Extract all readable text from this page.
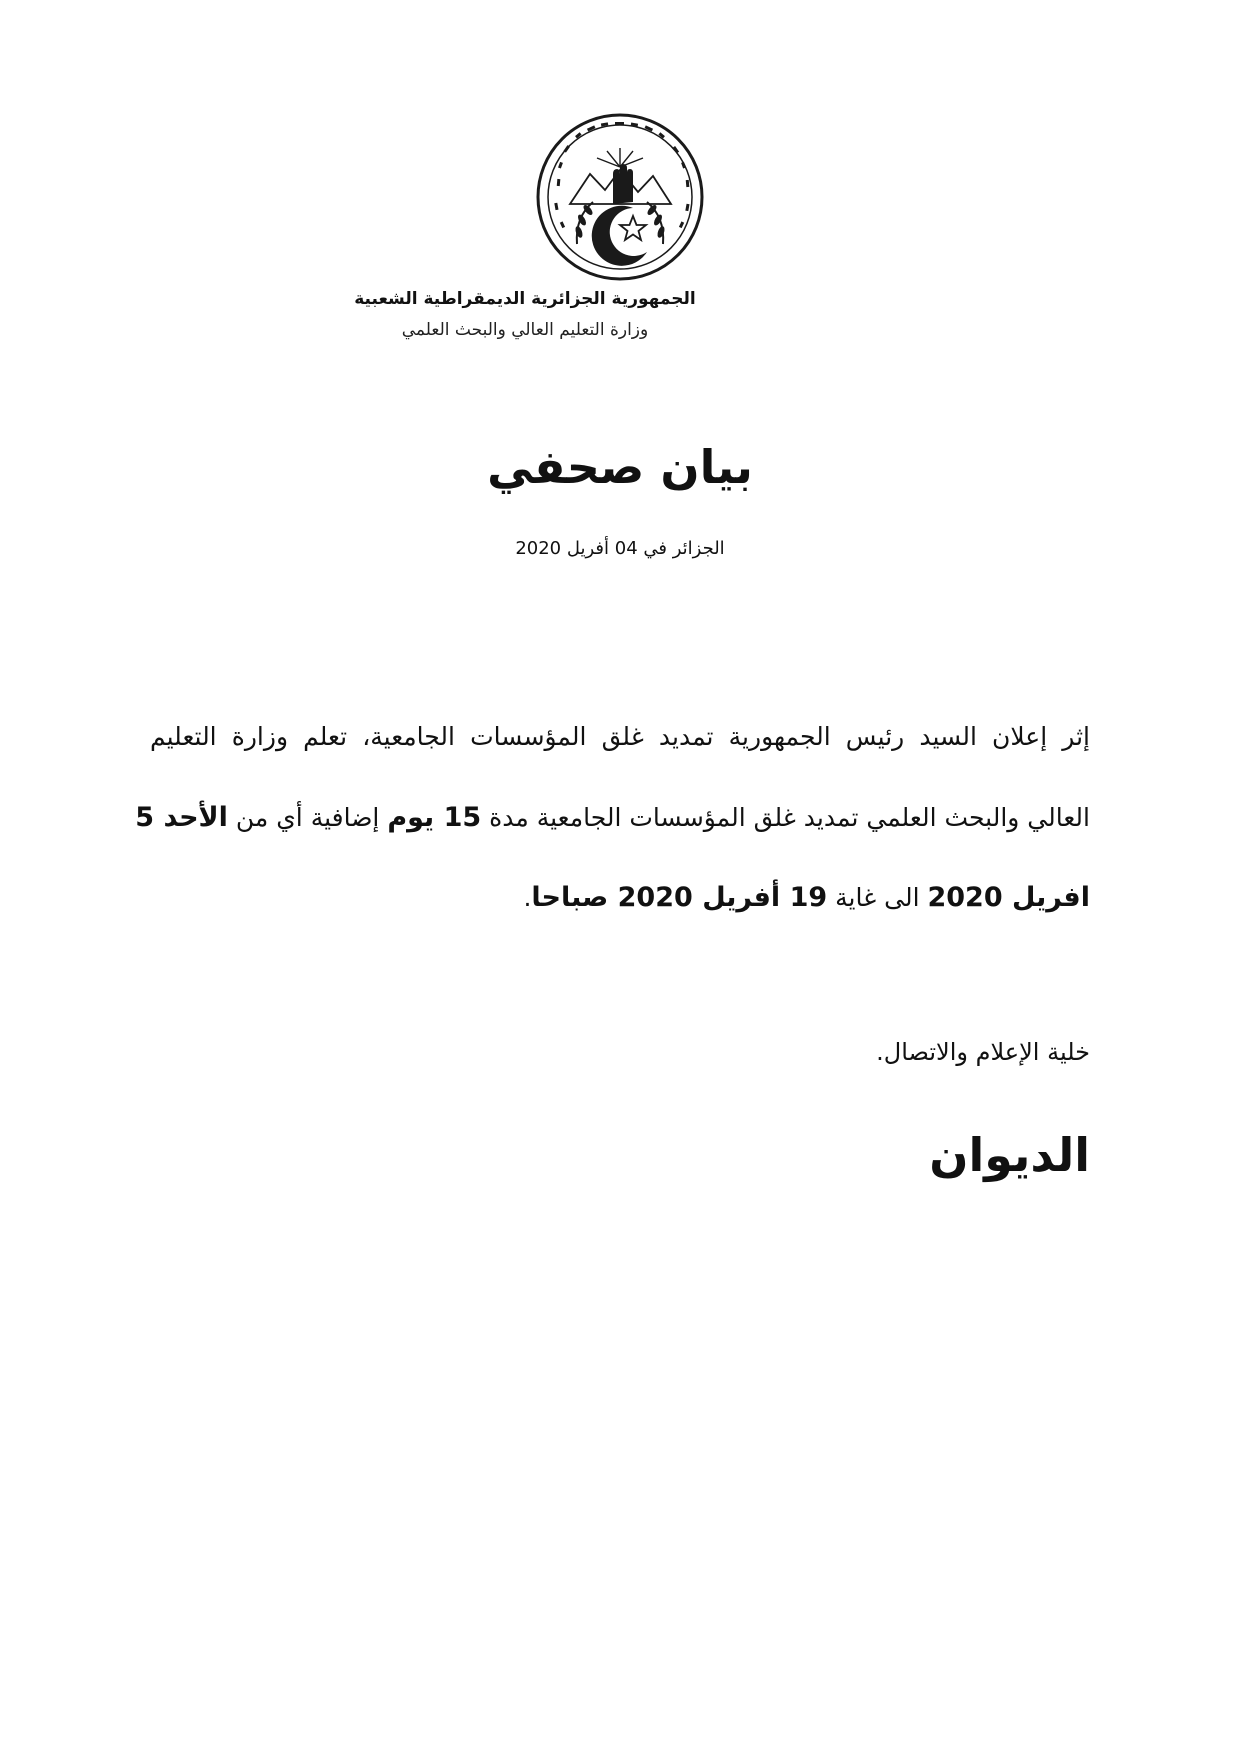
الجمهورية الجزائرية الديمقراطية الشعبية
وزارة التعليم العالي والبحث العلمي
بيان صحفي
الجزائر في 04 أفريل 2020
إثر إعلان السيد رئيس الجمهورية تمديد غلق المؤسسات الجامعية، تعلم وزارة التعليم
العالي والبحث العلمي تمديد غلق المؤسسات الجامعية مدة 15 يوم إضافية أي من الأحد 5
افريل 2020 الى غاية 19 أفريل 2020 صباحا.
خلية الإعلام والاتصال.
الديوان
